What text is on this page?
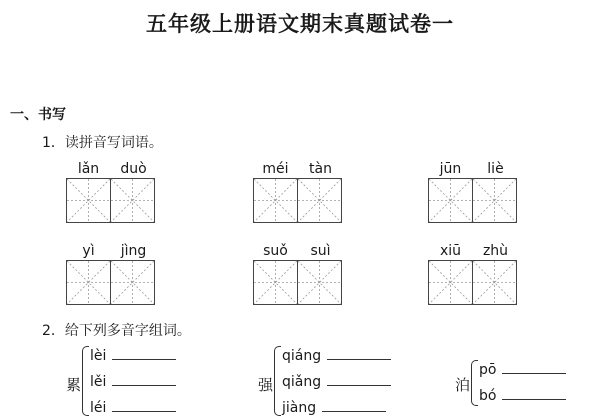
五年级上册语文期末真题试卷一
一、书写
1．读拼音写词语。
lǎn	duò	méi	tàn	jūn	liè
yì	jìng	suǒ	suì	xiū	zhù
2．给下列多音字组词。
累
lèi
lěi
léi
强
qiáng
qiǎng
jiàng
泊
pō
bó
